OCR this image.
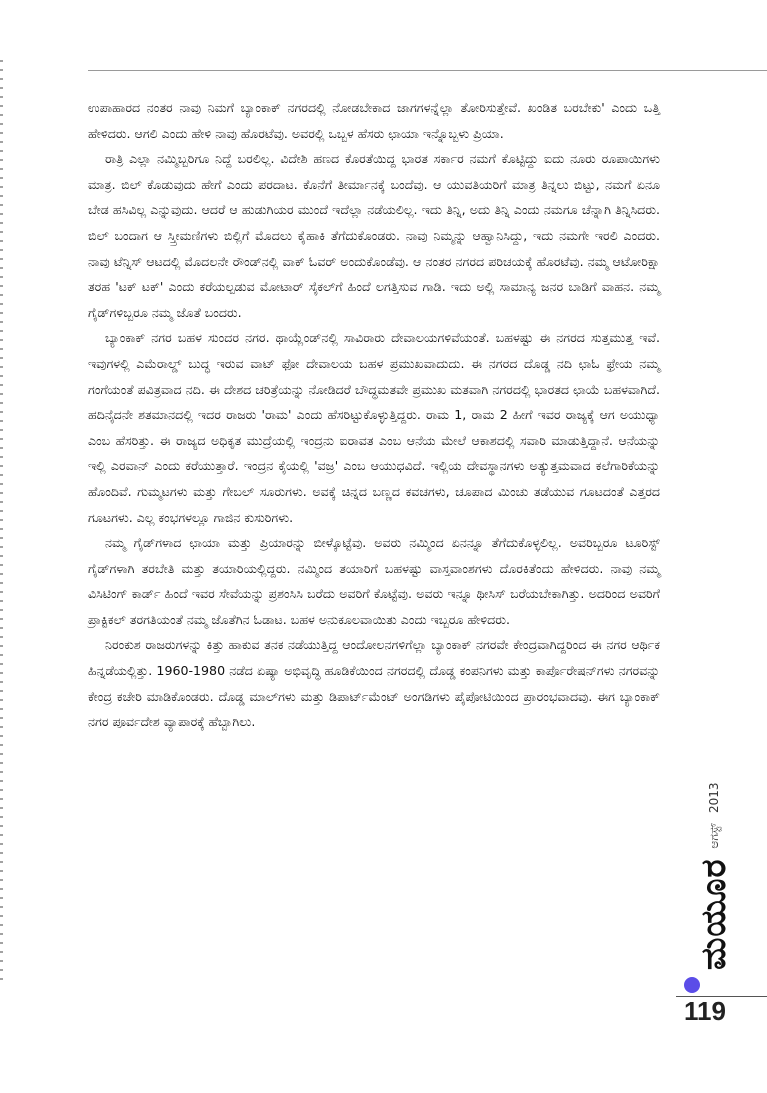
ಉಪಾಹಾರದ ನಂತರ ನಾವು ನಿಮಗೆ ಬ್ಯಾಂಕಾಕ್ ನಗರದಲ್ಲಿ ನೋಡಬೇಕಾದ ಜಾಗಗಳನ್ನೆಲ್ಲಾ ತೋರಿಸುತ್ತೇವೆ. ಖಂಡಿತ ಬರಬೇಕು' ಎಂದು ಒತ್ತಿ ಹೇಳಿದರು. ಆಗಲಿ ಎಂದು ಹೇಳಿ ನಾವು ಹೊರಟೆವು. ಅವರಲ್ಲಿ ಒಬ್ಬಳ ಹೆಸರು ಛಾಯಾ ಇನ್ನೊಬ್ಬಳು ಪ್ರಿಯಾ.

ರಾತ್ರಿ ಎಲ್ಲಾ ನಮ್ಮಿಬ್ಬರಿಗೂ ನಿದ್ದೆ ಬರಲಿಲ್ಲ. ವಿದೇಶಿ ಹಣದ ಕೊರತೆಯಿದ್ದ ಭಾರತ ಸರ್ಕಾರ ನಮಗೆ ಕೊಟ್ಟಿದ್ದು ಐದು ನೂರು ರೂಪಾಯಿಗಳು ಮಾತ್ರ. ಬಿಲ್ ಕೊಡುವುದು ಹೇಗೆ ಎಂದು ಪರದಾಟ. ಕೊನೆಗೆ ತೀರ್ಮಾನಕ್ಕೆ ಬಂದೆವು. ಆ ಯುವತಿಯರಿಗೆ ಮಾತ್ರ ತಿನ್ನಲು ಬಿಟ್ಟು, ನಮಗೆ ಏನೂ ಬೇಡ ಹಸಿವಿಲ್ಲ ಎನ್ನುವುದು. ಆದರೆ ಆ ಹುಡುಗಿಯರ ಮುಂದೆ ಇದೆಲ್ಲಾ ನಡೆಯಲಿಲ್ಲ. ಇದು ತಿನ್ನಿ, ಅದು ತಿನ್ನಿ ಎಂದು ನಮಗೂ ಚೆನ್ನಾಗಿ ತಿನ್ನಿಸಿದರು. ಬಿಲ್ ಬಂದಾಗ ಆ ಸ್ತ್ರೀಮಣಿಗಳು ಬಿಲ್ಲಿಗೆ ಮೊದಲು ಕೈಹಾಕಿ ತೆಗೆದುಕೊಂಡರು. ನಾವು ನಿಮ್ಮನ್ನು ಆಹ್ವಾನಿಸಿದ್ದು, ಇದು ನಮಗೇ ಇರಲಿ ಎಂದರು. ನಾವು ಟೆನ್ನಿಸ್ ಆಟದಲ್ಲಿ ಮೊದಲನೇ ರೌಂಡ್‌ನಲ್ಲಿ ವಾಕ್ ಓವರ್ ಅಂದುಕೊಂಡೆವು. ಆ ನಂತರ ನಗರದ ಪರಿಚಯಕ್ಕೆ ಹೊರಟೆವು. ನಮ್ಮ ಆಟೋರಿಕ್ಷಾ ತರಹ 'ಟಕ್ ಟಕ್' ಎಂದು ಕರೆಯಲ್ಪಡುವ ಮೋಟಾರ್ ಸೈಕಲ್‌ಗೆ ಹಿಂದೆ ಲಗತ್ತಿಸುವ ಗಾಡಿ. ಇದು ಅಲ್ಲಿ ಸಾಮಾನ್ಯ ಜನರ ಬಾಡಿಗೆ ವಾಹನ. ನಮ್ಮ ಗೈಡ್‌ಗಳಿಬ್ಬರೂ ನಮ್ಮ ಜೊತೆ ಬಂದರು.

ಬ್ಯಾಂಕಾಕ್ ನಗರ ಬಹಳ ಸುಂದರ ನಗರ. ಥಾಯ್ಲೆಂಡ್‌ನಲ್ಲಿ ಸಾವಿರಾರು ದೇವಾಲಯಗಳಿವೆಯಂತೆ. ಬಹಳಷ್ಟು ಈ ನಗರದ ಸುತ್ತಮುತ್ತ ಇವೆ. ಇವುಗಳಲ್ಲಿ ಎಮೆರಾಲ್ಡ್ ಬುದ್ಧ ಇರುವ ವಾಟ್ ಫೋ ದೇವಾಲಯ ಬಹಳ ಪ್ರಮುಖವಾದುದು. ಈ ನಗರದ ದೊಡ್ಡ ನದಿ ಛಾಓ ಫ್ರೇಯ ನಮ್ಮ ಗಂಗೆಯಂತೆ ಪವಿತ್ರವಾದ ನದಿ. ಈ ದೇಶದ ಚರಿತ್ರೆಯನ್ನು ನೋಡಿದರೆ ಬೌದ್ಧಮತವೇ ಪ್ರಮುಖ ಮತವಾಗಿ ನಗರದಲ್ಲಿ ಭಾರತದ ಛಾಯೆ ಬಹಳವಾಗಿದೆ. ಹದಿನೈದನೇ ಶತಮಾನದಲ್ಲಿ ಇದರ ರಾಜರು 'ರಾಮ' ಎಂದು ಹೆಸರಿಟ್ಟುಕೊಳ್ಳುತ್ತಿದ್ದರು. ರಾಮ 1, ರಾಮ 2 ಹೀಗೆ ಇವರ ರಾಜ್ಯಕ್ಕೆ ಆಗ ಅಯುಧ್ಯಾ ಎಂಬ ಹೆಸರಿತ್ತು. ಈ ರಾಜ್ಯದ ಅಧಿಕೃತ ಮುದ್ರೆಯಲ್ಲಿ ಇಂದ್ರನು ಐರಾವತ ಎಂಬ ಆನೆಯ ಮೇಲೆ ಆಕಾಶದಲ್ಲಿ ಸವಾರಿ ಮಾಡುತ್ತಿದ್ದಾನೆ. ಆನೆಯನ್ನು ಇಲ್ಲಿ ಎರವಾನ್ ಎಂದು ಕರೆಯುತ್ತಾರೆ. ಇಂದ್ರನ ಕೈಯಲ್ಲಿ 'ವಜ್ರ' ಎಂಬ ಆಯುಧವಿದೆ. ಇಲ್ಲಿಯ ದೇವಸ್ಥಾನಗಳು ಅತ್ಯುತ್ತಮವಾದ ಕಲೆಗಾರಿಕೆಯನ್ನು ಹೊಂದಿವೆ. ಗುಮ್ಮಟಗಳು ಮತ್ತು ಗೇಬಲ್ ಸೂರುಗಳು. ಅವಕ್ಕೆ ಚಿನ್ನದ ಬಣ್ಣದ ಕವಚಗಳು, ಚೂಪಾದ ಮಿಂಚು ತಡೆಯುವ ಗೂಟದಂತೆ ಎತ್ತರದ ಗೂಟಗಳು. ಎಲ್ಲ ಕಂಭಗಳಲ್ಲೂ ಗಾಜಿನ ಕುಸುರಿಗಳು.

ನಮ್ಮ ಗೈಡ್‌ಗಳಾದ ಛಾಯಾ ಮತ್ತು ಪ್ರಿಯಾರನ್ನು ಬೀಳ್ಕೊಟ್ಟೆವು. ಅವರು ನಮ್ಮಿಂದ ಏನನ್ನೂ ತೆಗೆದುಕೊಳ್ಳಲಿಲ್ಲ. ಅವರಿಬ್ಬರೂ ಟೂರಿಸ್ಟ್ ಗೈಡ್‌ಗಳಾಗಿ ತರಬೇತಿ ಮತ್ತು ತಯಾರಿಯಲ್ಲಿದ್ದರು. ನಮ್ಮಿಂದ ತಯಾರಿಗೆ ಬಹಳಷ್ಟು ವಾಸ್ತವಾಂಶಗಳು ದೊರಕಿತೆಂದು ಹೇಳಿದರು. ನಾವು ನಮ್ಮ ವಿಸಿಟಿಂಗ್ ಕಾರ್ಡ್ ಹಿಂದೆ ಇವರ ಸೇವೆಯನ್ನು ಪ್ರಶಂಸಿಸಿ ಬರೆದು ಅವರಿಗೆ ಕೊಟ್ಟೆವು. ಅವರು ಇನ್ನೂ ಥೀಸಿಸ್ ಬರೆಯಬೇಕಾಗಿತ್ತು. ಅದರಿಂದ ಅವರಿಗೆ ಪ್ರಾಕ್ಟಿಕಲ್ ತರಗತಿಯಂತೆ ನಮ್ಮ ಜೊತೆಗಿನ ಓಡಾಟ. ಬಹಳ ಅನುಕೂಲವಾಯಿತು ಎಂದು ಇಬ್ಬರೂ ಹೇಳಿದರು.

ನಿರಂಕುಶ ರಾಜರುಗಳನ್ನು ಕಿತ್ತು ಹಾಕುವ ತನಕ ನಡೆಯುತ್ತಿದ್ದ ಆಂದೋಲನಗಳಿಗೆಲ್ಲಾ ಬ್ಯಾಂಕಾಕ್ ನಗರವೇ ಕೇಂದ್ರವಾಗಿದ್ದರಿಂದ ಈ ನಗರ ಆರ್ಥಿಕ ಹಿನ್ನಡೆಯಲ್ಲಿತ್ತು. 1960-1980 ನಡೆದ ಏಷ್ಯಾ ಅಭಿವೃದ್ಧಿ ಹೂಡಿಕೆಯಿಂದ ನಗರದಲ್ಲಿ ದೊಡ್ಡ ಕಂಪನಿಗಳು ಮತ್ತು ಕಾರ್ಪೊರೇಷನ್‌ಗಳು ನಗರವನ್ನು ಕೇಂದ್ರ ಕಚೇರಿ ಮಾಡಿಕೊಂಡರು. ದೊಡ್ಡ ಮಾಲ್‌ಗಳು ಮತ್ತು ಡಿಪಾರ್ಟ್‌ಮೆಂಟ್ ಅಂಗಡಿಗಳು ಪೈಪೋಟಿಯಿಂದ ಪ್ರಾರಂಭವಾದವು. ಈಗ ಬ್ಯಾಂಕಾಕ್ ನಗರ ಪೂರ್ವದೇಶ ವ್ಯಾಪಾರಕ್ಕೆ ಹೆಬ್ಬಾಗಿಲು.

ಮಯೂರ
ಆಗಸ್ಟ್
2013
119
